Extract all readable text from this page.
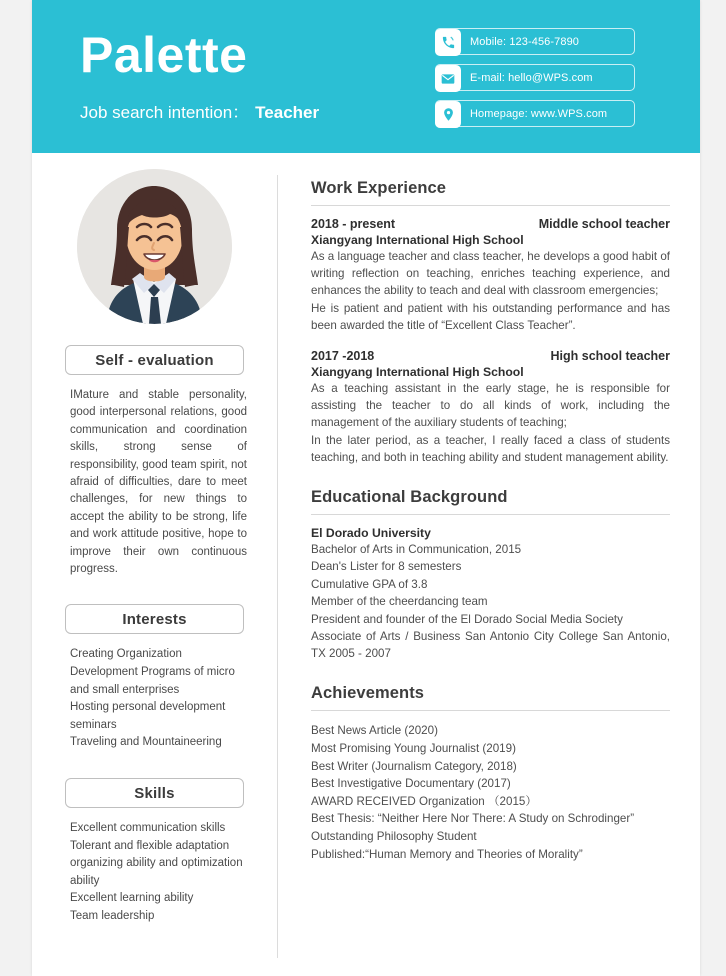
Palette
Job search intention： Teacher
Mobile: 123-456-7890
E-mail: hello@WPS.com
Homepage: www.WPS.com
Self - evaluation
IMature and stable personality, good interpersonal relations, good communication and coordination skills, strong sense of responsibility, good team spirit, not afraid of difficulties, dare to meet challenges, for new things to accept the ability to be strong, life and work attitude positive, hope to improve their own continuous progress.
Interests
Creating Organization
Development Programs of micro and small enterprises
Hosting personal development seminars
Traveling and Mountaineering
Skills
Excellent communication skills
Tolerant and flexible adaptation
organizing ability and optimization ability
Excellent learning ability
Team leadership
Work Experience
2018 - present	Middle school teacher
Xiangyang International High School
As a language teacher and class teacher, he develops a good habit of writing reflection on teaching, enriches teaching experience, and enhances the ability to teach and deal with classroom emergencies;
He is patient and patient with his outstanding performance and has been awarded the title of “Excellent Class Teacher”.
2017 -2018	High school teacher
Xiangyang International High School
As a teaching assistant in the early stage, he is responsible for assisting the teacher to do all kinds of work, including the management of the auxiliary students of teaching;
In the later period, as a teacher, I really faced a class of students teaching, and both in teaching ability and student management ability.
Educational Background
El Dorado University
Bachelor of Arts in Communication, 2015
Dean's Lister for 8 semesters
Cumulative GPA of 3.8
Member of the cheerdancing team
President and founder of the El Dorado Social Media Society
Associate of Arts / Business San Antonio City College San Antonio, TX 2005 - 2007
Achievements
Best News Article (2020)
Most Promising Young Journalist (2019)
Best Writer (Journalism Category, 2018)
Best Investigative Documentary (2017)
AWARD RECEIVED Organization （2015）
Best Thesis: “Neither Here Nor There: A Study on Schrodinger”
Outstanding Philosophy Student
Published:“Human Memory and Theories of Morality”
